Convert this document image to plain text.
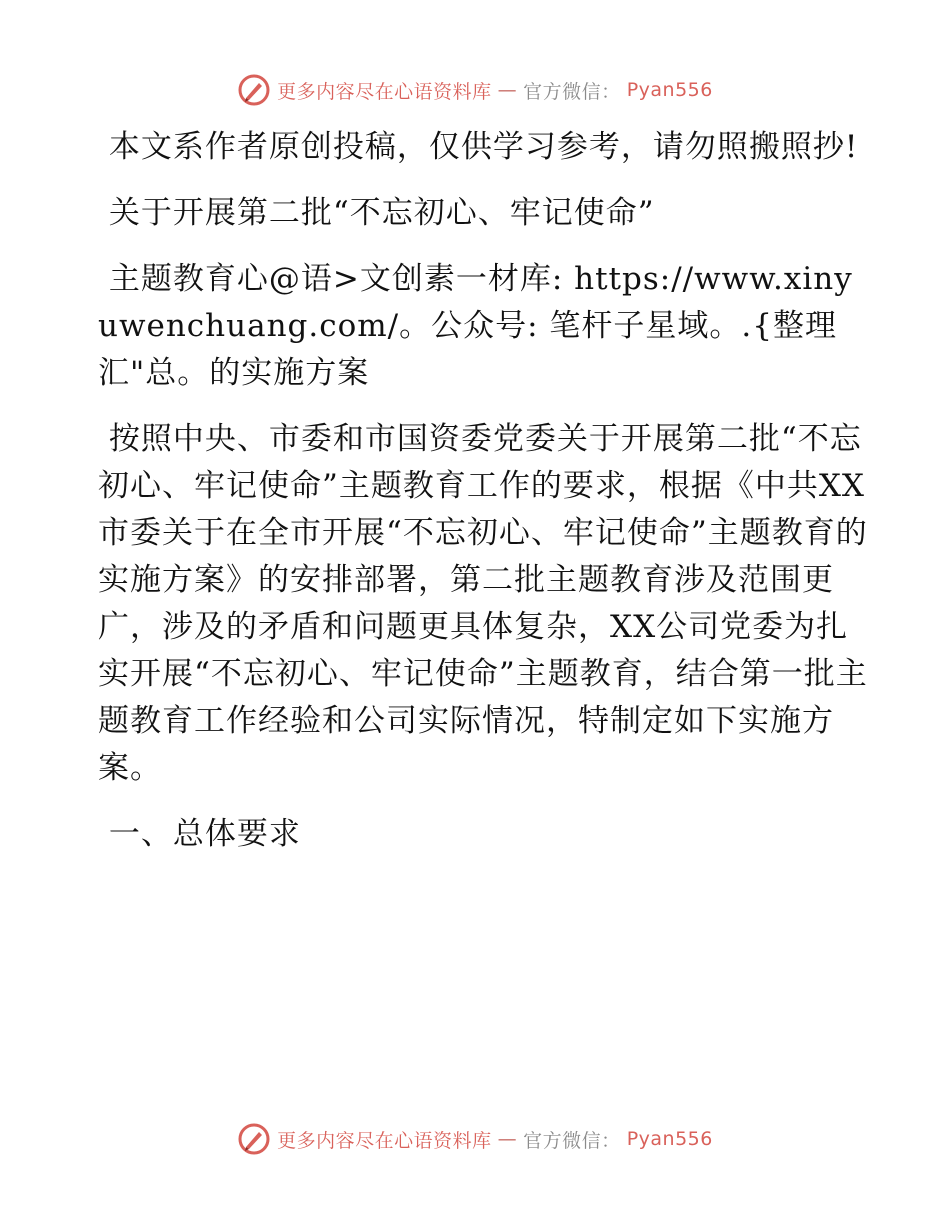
更多内容尽在心语资料库 — 官方微信： Pyan556

本文系作者原创投稿，仅供学习参考，请勿照搬照抄!

关于开展第二批“不忘初心、牢记使命”

主题教育心@语>文创素一材库: https://www.xinyuwenchuang.com/。公众号: 笔杆子星域。.{整理汇"总。的实施方案

按照中央、市委和市国资委党委关于开展第二批“不忘初心、牢记使命”主题教育工作的要求，根据《中共XX市委关于在全市开展“不忘初心、牢记使命”主题教育的实施方案》的安排部署，第二批主题教育涉及范围更广，涉及的矛盾和问题更具体复杂，XX公司党委为扎实开展“不忘初心、牢记使命”主题教育，结合第一批主题教育工作经验和公司实际情况，特制定如下实施方案。

一、总体要求

更多内容尽在心语资料库 — 官方微信： Pyan556
